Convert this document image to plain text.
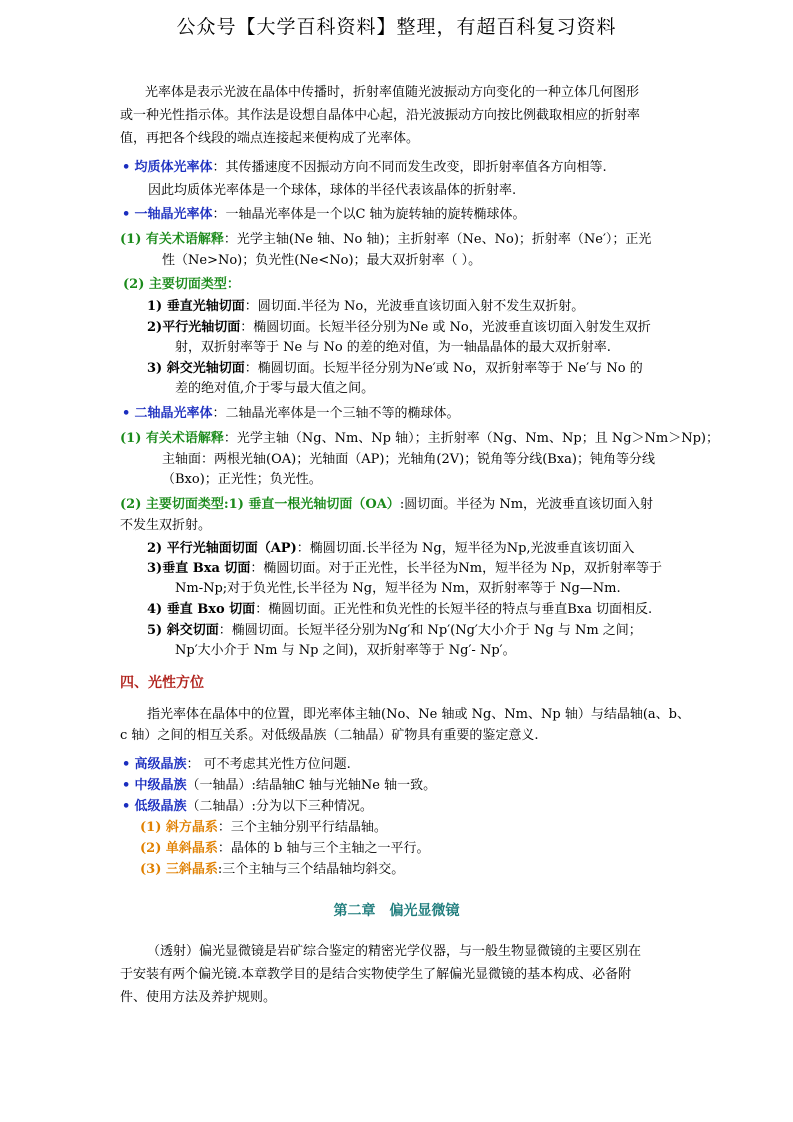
公众号【大学百科资料】整理，有超百科复习资料
光率体是表示光波在晶体中传播时，折射率值随光波振动方向变化的一种立体几何图形
或一种光性指示体。其作法是设想自晶体中心起，沿光波振动方向按比例截取相应的折射率
值，再把各个线段的端点连接起来便构成了光率体。
• 均质体光率体：其传播速度不因振动方向不同而发生改变，即折射率值各方向相等.
因此均质体光率体是一个球体，球体的半径代表该晶体的折射率.
• 一轴晶光率体：一轴晶光率体是一个以C 轴为旋转轴的旋转椭球体。
(1) 有关术语解释：光学主轴(Ne 轴、No 轴)；主折射率（Ne、No)；折射率（Ne′）；正光
性（Ne>No)；负光性(Ne<No)；最大双折射率（ ）。
(2) 主要切面类型：
1) 垂直光轴切面：圆切面.半径为 No，光波垂直该切面入射不发生双折射。
2)平行光轴切面：椭圆切面。长短半径分别为Ne 或 No，光波垂直该切面入射发生双折
射，双折射率等于 Ne 与 No 的差的绝对值，为一轴晶晶体的最大双折射率.
3) 斜交光轴切面：椭圆切面。长短半径分别为Ne′或 No，双折射率等于 Ne′与 No 的
差的绝对值,介于零与最大值之间。
• 二轴晶光率体：二轴晶光率体是一个三轴不等的椭球体。
(1) 有关术语解释：光学主轴（Ng、Nm、Np 轴）；主折射率（Ng、Nm、Np；且 Ng＞Nm＞Np)；
主轴面：两根光轴(OA)；光轴面（AP)；光轴角(2V)；锐角等分线(Bxa)；钝角等分线
（Bxo)；正光性；负光性。
(2) 主要切面类型:1) 垂直一根光轴切面（OA）:圆切面。半径为 Nm，光波垂直该切面入射
不发生双折射。
2) 平行光轴面切面（AP)：椭圆切面.长半径为 Ng，短半径为Np,光波垂直该切面入
3)垂直 Bxa 切面：椭圆切面。对于正光性，长半径为Nm，短半径为 Np，双折射率等于
Nm-Np;对于负光性,长半径为 Ng，短半径为 Nm，双折射率等于 Ng—Nm.
4) 垂直 Bxo 切面：椭圆切面。正光性和负光性的长短半径的特点与垂直Bxa 切面相反.
5) 斜交切面：椭圆切面。长短半径分别为Ng′和 Np′(Ng′大小介于 Ng 与 Nm 之间；
Np′大小介于 Nm 与 Np 之间)，双折射率等于 Ng′- Np′。
四、光性方位
指光率体在晶体中的位置，即光率体主轴(No、Ne 轴或 Ng、Nm、Np 轴）与结晶轴(a、b、
c 轴）之间的相互关系。对低级晶族（二轴晶）矿物具有重要的鉴定意义.
• 高级晶族： 可不考虑其光性方位问题.
• 中级晶族（一轴晶）:结晶轴C 轴与光轴Ne 轴一致。
• 低级晶族（二轴晶）:分为以下三种情况。
(1) 斜方晶系：三个主轴分别平行结晶轴。
(2) 单斜晶系：晶体的 b 轴与三个主轴之一平行。
(3) 三斜晶系:三个主轴与三个结晶轴均斜交。
第二章　偏光显微镜
（透射）偏光显微镜是岩矿综合鉴定的精密光学仪器，与一般生物显微镜的主要区别在
于安装有两个偏光镜.本章教学目的是结合实物使学生了解偏光显微镜的基本构成、必备附
件、使用方法及养护规则。
